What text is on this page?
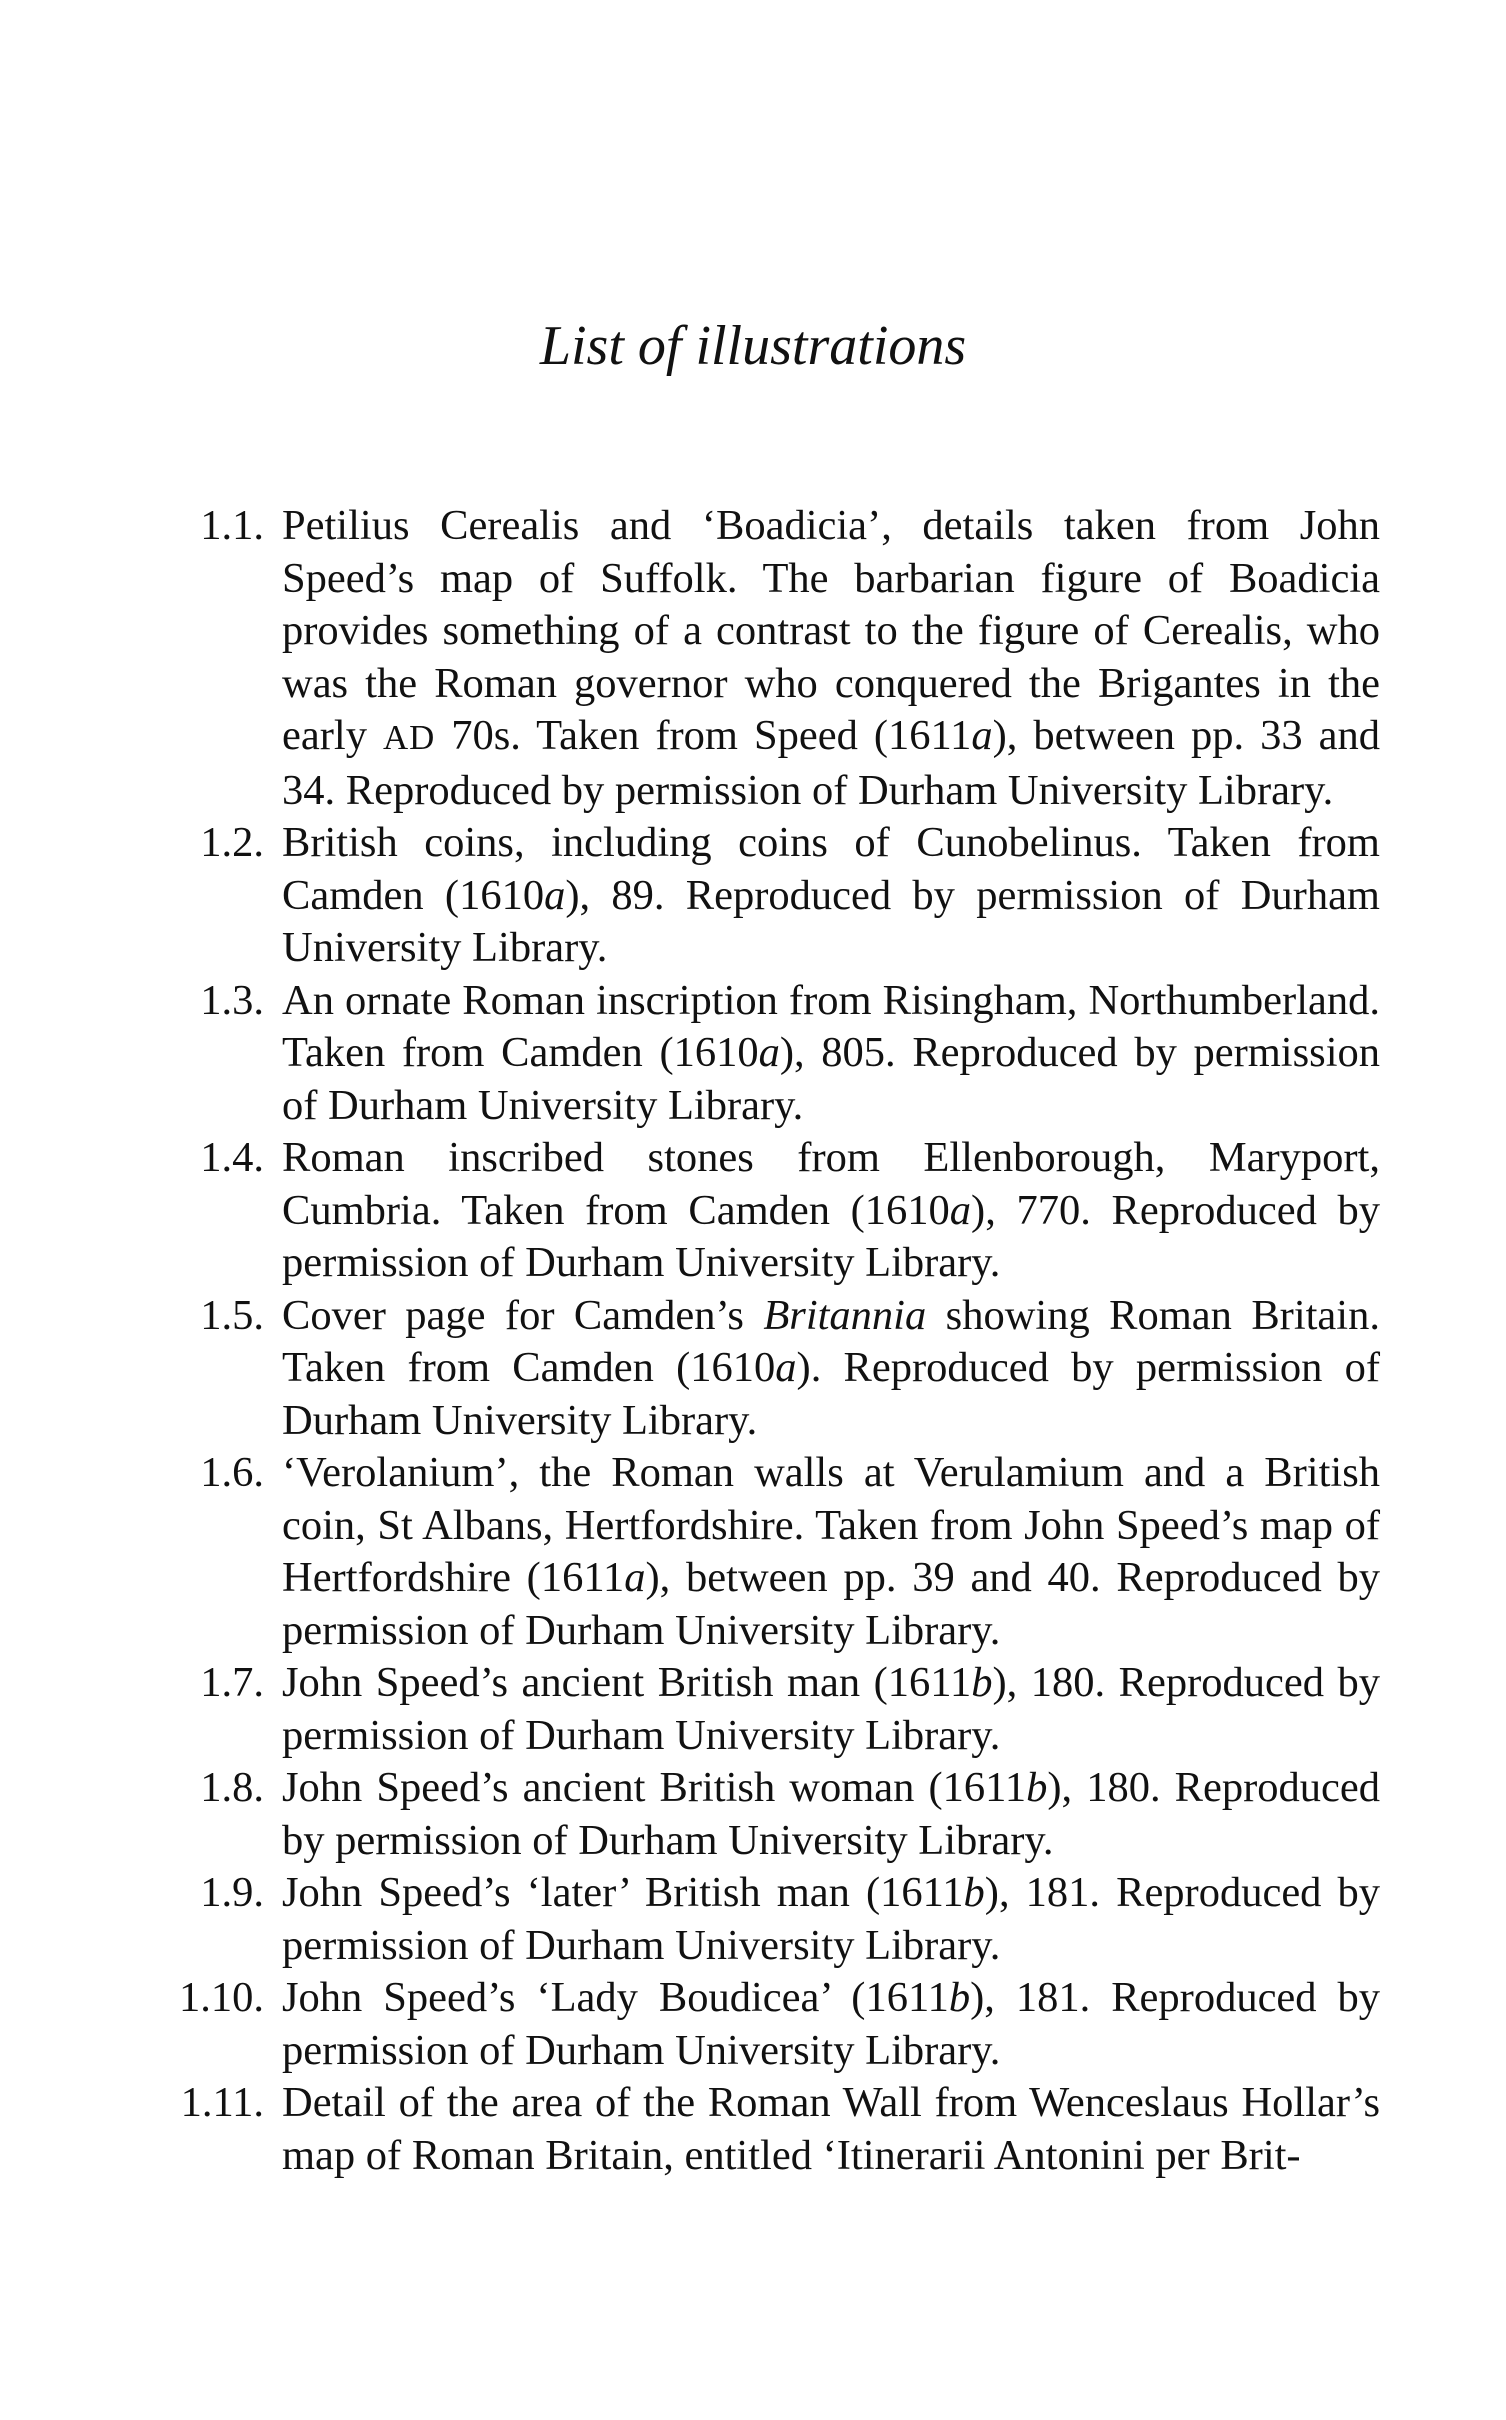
List of illustrations
1.1. Petilius Cerealis and ‘Boadicia’, details taken from John Speed’s map of Suffolk. The barbarian figure of Boadicia provides something of a contrast to the figure of Cerealis, who was the Roman governor who conquered the Brigantes in the early AD 70s. Taken from Speed (1611a), between pp. 33 and 34. Reproduced by permission of Durham University Library.
1.2. British coins, including coins of Cunobelinus. Taken from Camden (1610a), 89. Reproduced by permission of Durham University Library.
1.3. An ornate Roman inscription from Risingham, Northumberland. Taken from Camden (1610a), 805. Reproduced by permission of Durham University Library.
1.4. Roman inscribed stones from Ellenborough, Maryport, Cumbria. Taken from Camden (1610a), 770. Reproduced by permission of Durham University Library.
1.5. Cover page for Camden’s Britannia showing Roman Britain. Taken from Camden (1610a). Reproduced by permission of Durham University Library.
1.6. ‘Verolanium’, the Roman walls at Verulamium and a British coin, St Albans, Hertfordshire. Taken from John Speed’s map of Hertfordshire (1611a), between pp. 39 and 40. Reproduced by permission of Durham University Library.
1.7. John Speed’s ancient British man (1611b), 180. Reproduced by permission of Durham University Library.
1.8. John Speed’s ancient British woman (1611b), 180. Reproduced by permission of Durham University Library.
1.9. John Speed’s ‘later’ British man (1611b), 181. Reproduced by permission of Durham University Library.
1.10. John Speed’s ‘Lady Boudicea’ (1611b), 181. Reproduced by permission of Durham University Library.
1.11. Detail of the area of the Roman Wall from Wenceslaus Hollar’s map of Roman Britain, entitled ‘Itinerarii Antonini per Brit-
